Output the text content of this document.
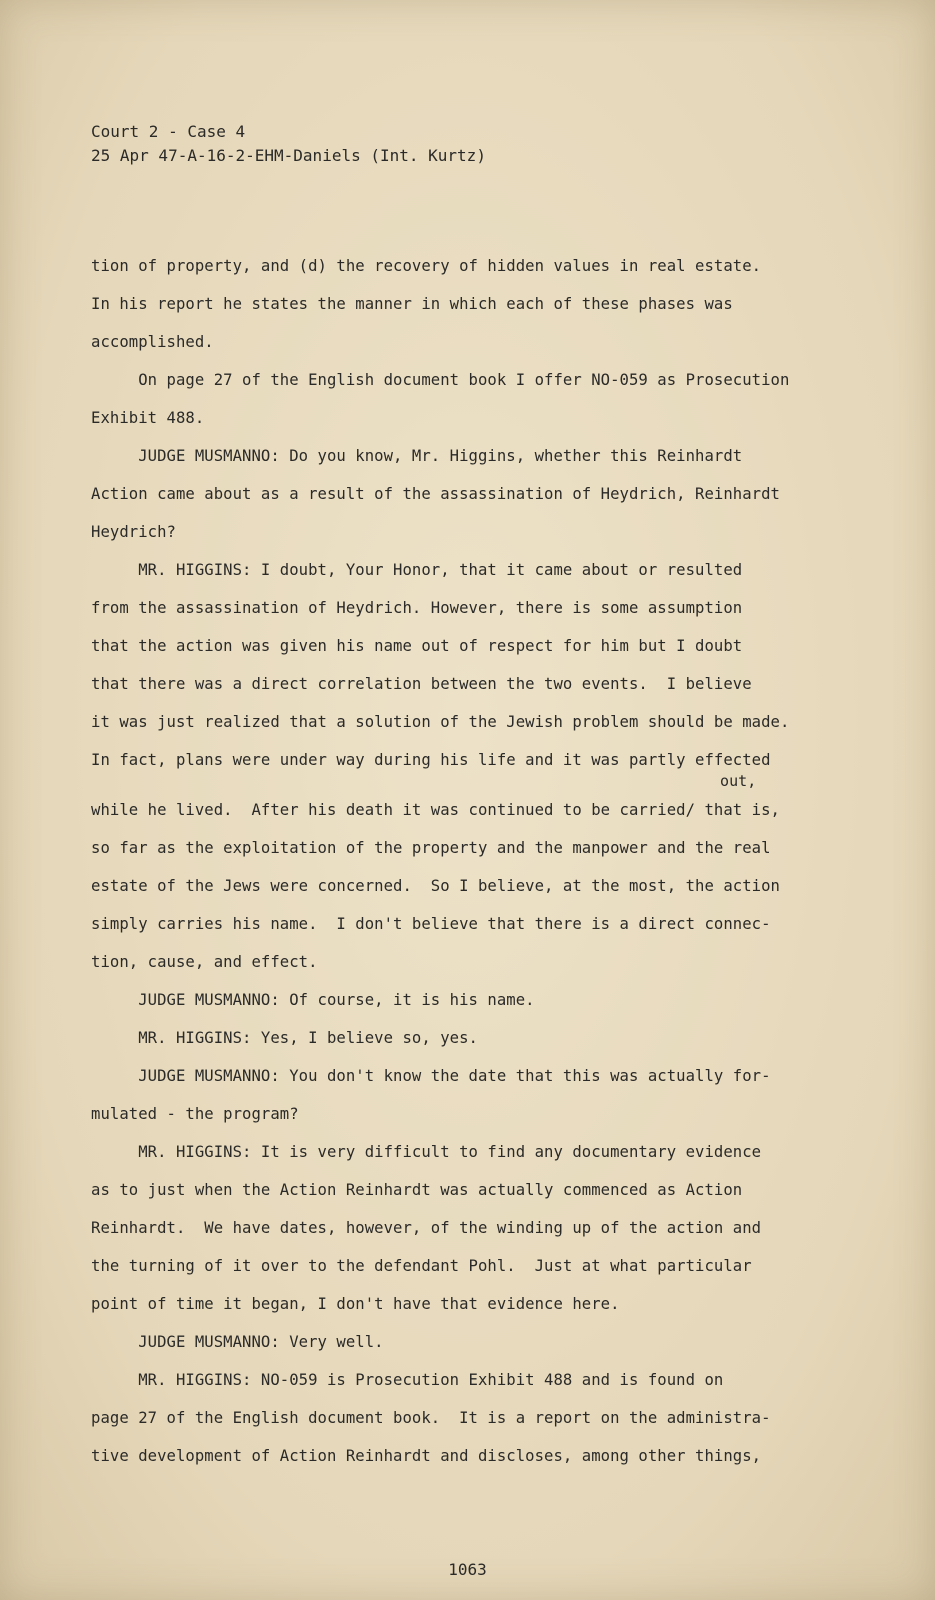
Court 2 - Case 4
25 Apr 47-A-16-2-EHM-Daniels (Int. Kurtz)
tion of property, and (d) the recovery of hidden values in real estate.
In his report he states the manner in which each of these phases was
accomplished.
On page 27 of the English document book I offer NO-059 as Prosecution
Exhibit 488.
JUDGE MUSMANNO: Do you know, Mr. Higgins, whether this Reinhardt
Action came about as a result of the assassination of Heydrich, Reinhardt
Heydrich?
MR. HIGGINS: I doubt, Your Honor, that it came about or resulted
from the assassination of Heydrich. However, there is some assumption
that the action was given his name out of respect for him but I doubt
that there was a direct correlation between the two events.  I believe
it was just realized that a solution of the Jewish problem should be made.
In fact, plans were under way during his life and it was partly effected
out,
while he lived.  After his death it was continued to be carried/ that is,
so far as the exploitation of the property and the manpower and the real
estate of the Jews were concerned.  So I believe, at the most, the action
simply carries his name.  I don't believe that there is a direct connec-
tion, cause, and effect.
JUDGE MUSMANNO: Of course, it is his name.
MR. HIGGINS: Yes, I believe so, yes.
JUDGE MUSMANNO: You don't know the date that this was actually for-
mulated - the program?
MR. HIGGINS: It is very difficult to find any documentary evidence
as to just when the Action Reinhardt was actually commenced as Action
Reinhardt.  We have dates, however, of the winding up of the action and
the turning of it over to the defendant Pohl.  Just at what particular
point of time it began, I don't have that evidence here.
JUDGE MUSMANNO: Very well.
MR. HIGGINS: NO-059 is Prosecution Exhibit 488 and is found on
page 27 of the English document book.  It is a report on the administra-
tive development of Action Reinhardt and discloses, among other things,
1063
